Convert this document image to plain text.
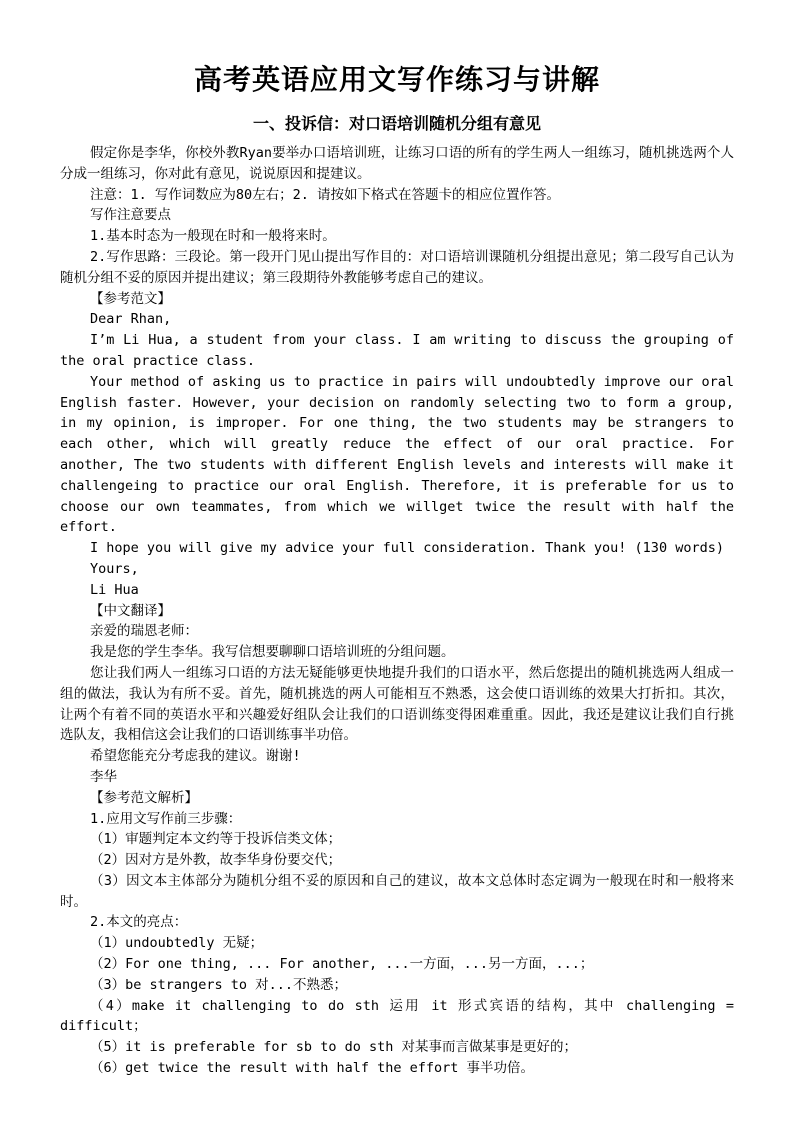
高考英语应用文写作练习与讲解
一、投诉信：对口语培训随机分组有意见

假定你是李华，你校外教Ryan要举办口语培训班，让练习口语的所有的学生两人一组练习，随机挑选两个人分成一组练习，你对此有意见，说说原因和提建议。

注意：1. 写作词数应为80左右；2. 请按如下格式在答题卡的相应位置作答。

写作注意要点

1.基本时态为一般现在时和一般将来时。

2.写作思路：三段论。第一段开门见山提出写作目的：对口语培训课随机分组提出意见；第二段写自己认为随机分组不妥的原因并提出建议；第三段期待外教能够考虑自己的建议。

【参考范文】

Dear Rhan,

I’m Li Hua, a student from your class. I am writing to discuss the grouping of the oral practice class.

Your method of asking us to practice in pairs will undoubtedly improve our oral English faster. However, your decision on randomly selecting two to form a group, in my opinion, is improper. For one thing, the two students may be strangers to each other, which will greatly reduce the effect of our oral practice. For another, The two students with different English levels and interests will make it challengeing to practice our oral English. Therefore, it is preferable for us to choose our own teammates, from which we willget twice the result with half the effort.

I hope you will give my advice your full consideration. Thank you! (130 words)

Yours,

Li Hua

【中文翻译】

亲爱的瑞恩老师：

我是您的学生李华。我写信想要聊聊口语培训班的分组问题。

您让我们两人一组练习口语的方法无疑能够更快地提升我们的口语水平，然后您提出的随机挑选两人组成一组的做法，我认为有所不妥。首先，随机挑选的两人可能相互不熟悉，这会使口语训练的效果大打折扣。其次，让两个有着不同的英语水平和兴趣爱好组队会让我们的口语训练变得困难重重。因此，我还是建议让我们自行挑选队友，我相信这会让我们的口语训练事半功倍。

希望您能充分考虑我的建议。谢谢!

李华

【参考范文解析】

1.应用文写作前三步骤：

（1）审题判定本文约等于投诉信类文体；

（2）因对方是外教，故李华身份要交代；

（3）因文本主体部分为随机分组不妥的原因和自己的建议，故本文总体时态定调为一般现在时和一般将来时。

2.本文的亮点：

（1）undoubtedly 无疑；

（2）For one thing, ... For another, ...一方面，...另一方面，...；

（3）be strangers to 对...不熟悉；

（4）make it challenging to do sth 运用 it 形式宾语的结构，其中 challenging = difficult；

（5）it is preferable for sb to do sth 对某事而言做某事是更好的；

（6）get twice the result with half the effort 事半功倍。
